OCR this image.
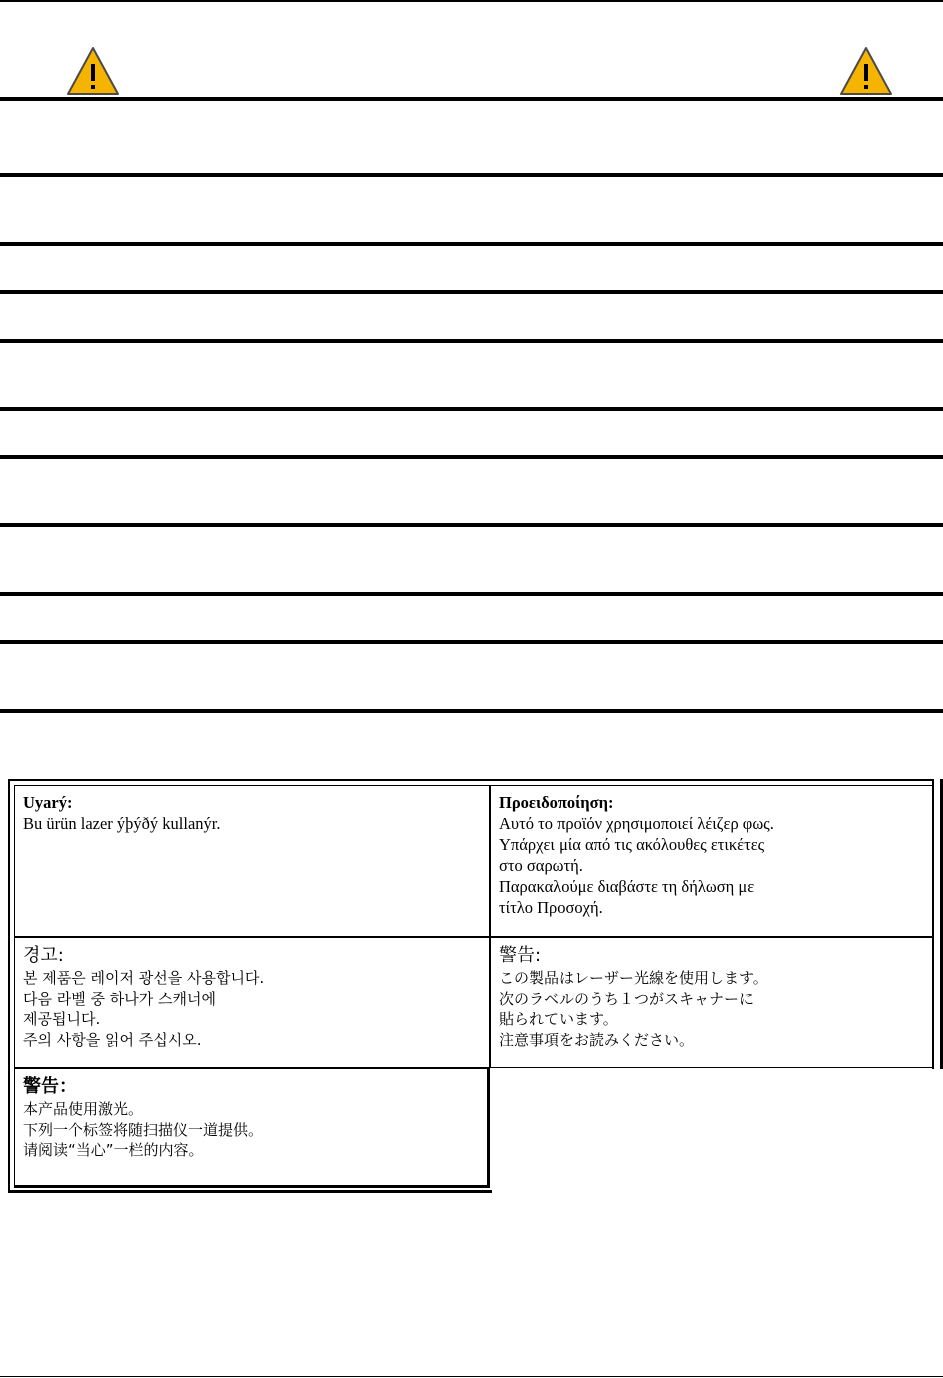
Uyarý:
Bu ürün lazer ýþýðý kullanýr.
Προειδοποίηση:
Αυτό το προϊόν χρησιμοποιεί λέιζερ φως.
Υπάρχει μία από τις ακόλουθες ετικέτες
στο σαρωτή.
Παρακαλούμε διαβάστε τη δήλωση με
τίτλο Προσοχή.
경고:
본 제품은 레이저 광선을 사용합니다.
다음 라벨 중 하나가 스캐너에
제공됩니다.
주의 사항을 읽어 주십시오.
警告:
この製品はレーザー光線を使用します。
次のラベルのうち１つがスキャナーに
貼られています。
注意事項をお読みください。
警告：
本产品使用激光。
下列一个标签将随扫描仪一道提供。
请阅读“当心”一栏的内容。
